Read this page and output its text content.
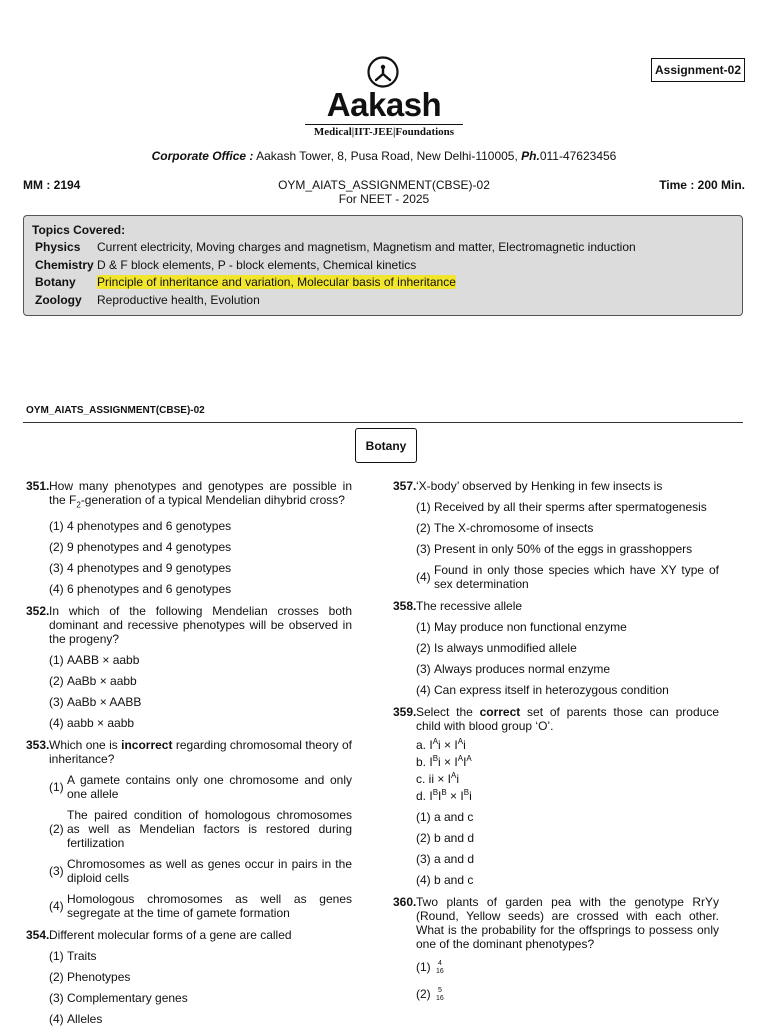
Aakash
Medical|IIT-JEE|Foundations
Assignment-02
Corporate Office : Aakash Tower, 8, Pusa Road, New Delhi-110005, Ph.011-47623456
MM : 2194	OYM_AIATS_ASSIGNMENT(CBSE)-02
For NEET - 2025
Time : 200 Min.
Topics Covered:
Physics	Current electricity, Moving charges and magnetism, Magnetism and matter, Electromagnetic induction
Chemistry D & F block elements, P - block elements, Chemical kinetics
Botany	Principle of inheritance and variation, Molecular basis of inheritance
Zoology	Reproductive health, Evolution
OYM_AIATS_ASSIGNMENT(CBSE)-02
Botany
351. How many phenotypes and genotypes are possible in the $F_2$-generation of a typical Mendelian dihybrid cross?
(1) 4 phenotypes and 6 genotypes
(2) 9 phenotypes and 4 genotypes
(3) 4 phenotypes and 9 genotypes
(4) 6 phenotypes and 6 genotypes
352. In which of the following Mendelian crosses both dominant and recessive phenotypes will be observed in the progeny?
(1) AABB × aabb
(2) AaBb × aabb
(3) AaBb × AABB
(4) aabb × aabb
353. Which one is incorrect regarding chromosomal theory of inheritance?
(1) A gamete contains only one chromosome and only one allele
(2)
The paired condition of homologous chromosomes as well as Mendelian factors is restored during fertilization
(3) Chromosomes as well as genes occur in pairs in the diploid cells
(4) Homologous chromosomes as well as genes segregate at the time of gamete formation
354. Different molecular forms of a gene are called
(1) Traits
(2) Phenotypes
(3) Complementary genes
(4) Alleles
357. ‘X-body’ observed by Henking in few insects is
(1) Received by all their sperms after spermatogenesis
(2) The X-chromosome of insects
(3) Present in only 50% of the eggs in grasshoppers
(4) Found in only those species which have XY type of sex determination
358. The recessive allele
(1) May produce non functional enzyme
(2) Is always unmodified allele
(3) Always produces normal enzyme
(4) Can express itself in heterozygous condition
359. Select the correct set of parents those can produce child with blood group ‘O’.
a. $I^Ai \times I^Ai$
b. $I^Bi \times I^AI^A$
c. ii × $I^Ai$
d. $I^BI^B \times I^Bi$
(1) a and c
(2) b and d
(3) a and d
(4) b and c
360. Two plants of garden pea with the genotype RrYy (Round, Yellow seeds) are crossed with each other. What is the probability for the offsprings to possess only one of the dominant phenotypes?
(1)	4
16
(2)	5
16
